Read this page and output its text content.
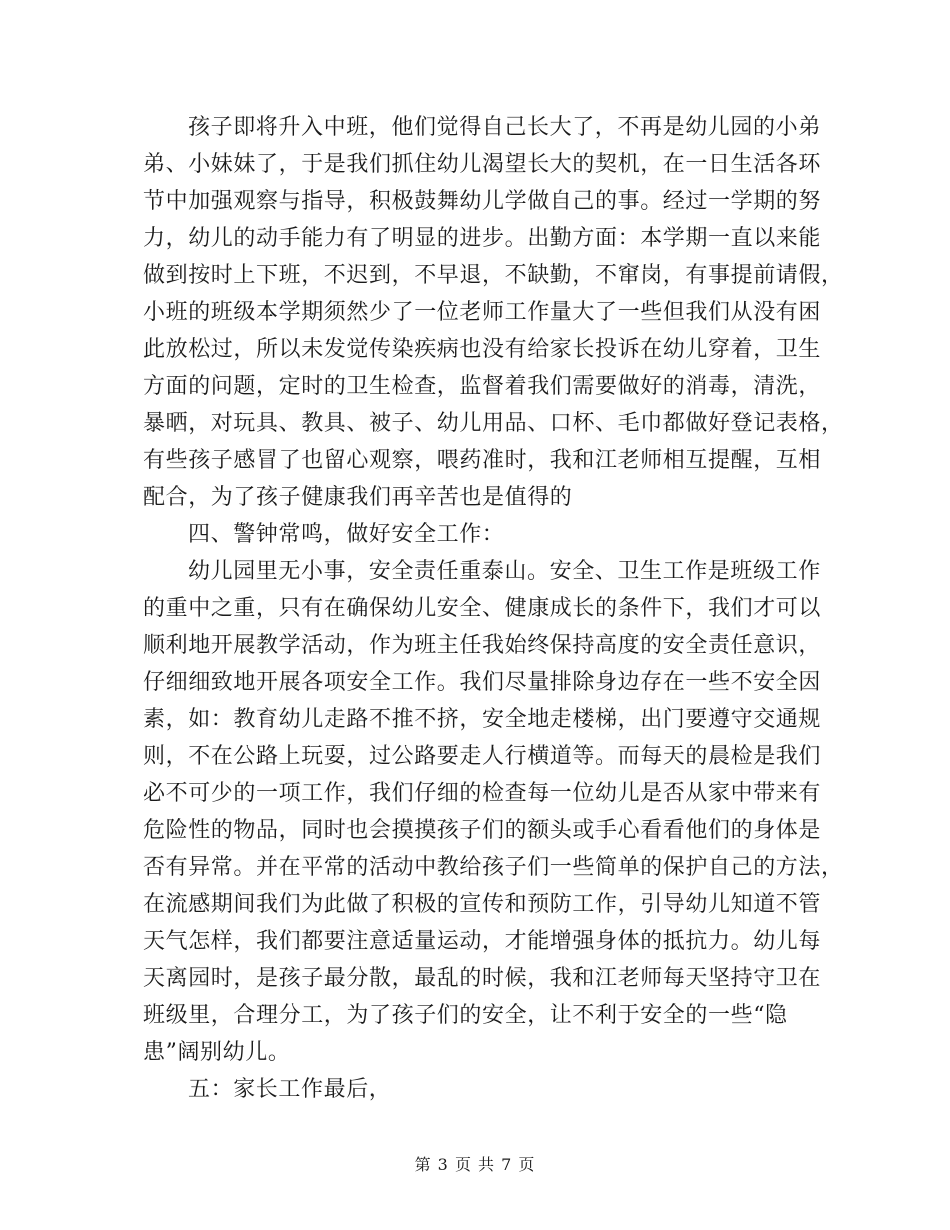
孩子即将升入中班，他们觉得自己长大了，不再是幼儿园的小弟
弟、小妹妹了，于是我们抓住幼儿渴望长大的契机，在一日生活各环
节中加强观察与指导，积极鼓舞幼儿学做自己的事。经过一学期的努
力，幼儿的动手能力有了明显的进步。出勤方面：本学期一直以来能
做到按时上下班，不迟到，不早退，不缺勤，不窜岗，有事提前请假，
小班的班级本学期须然少了一位老师工作量大了一些但我们从没有困
此放松过，所以未发觉传染疾病也没有给家长投诉在幼儿穿着，卫生
方面的问题，定时的卫生检查，监督着我们需要做好的消毒，清洗，
暴晒，对玩具、教具、被子、幼儿用品、口杯、毛巾都做好登记表格，
有些孩子感冒了也留心观察，喂药准时，我和江老师相互提醒，互相
配合，为了孩子健康我们再辛苦也是值得的
四、警钟常鸣，做好安全工作：
幼儿园里无小事，安全责任重泰山。安全、卫生工作是班级工作
的重中之重，只有在确保幼儿安全、健康成长的条件下，我们才可以
顺利地开展教学活动，作为班主任我始终保持高度的安全责任意识，
仔细细致地开展各项安全工作。我们尽量排除身边存在一些不安全因
素，如：教育幼儿走路不推不挤，安全地走楼梯，出门要遵守交通规
则，不在公路上玩耍，过公路要走人行横道等。而每天的晨检是我们
必不可少的一项工作，我们仔细的检查每一位幼儿是否从家中带来有
危险性的物品，同时也会摸摸孩子们的额头或手心看看他们的身体是
否有异常。并在平常的活动中教给孩子们一些简单的保护自己的方法，
在流感期间我们为此做了积极的宣传和预防工作，引导幼儿知道不管
天气怎样，我们都要注意适量运动，才能增强身体的抵抗力。幼儿每
天离园时，是孩子最分散，最乱的时候，我和江老师每天坚持守卫在
班级里，合理分工，为了孩子们的安全，让不利于安全的一些“隐
患”阔别幼儿。
五：家长工作最后，
第 3 页 共 7 页
